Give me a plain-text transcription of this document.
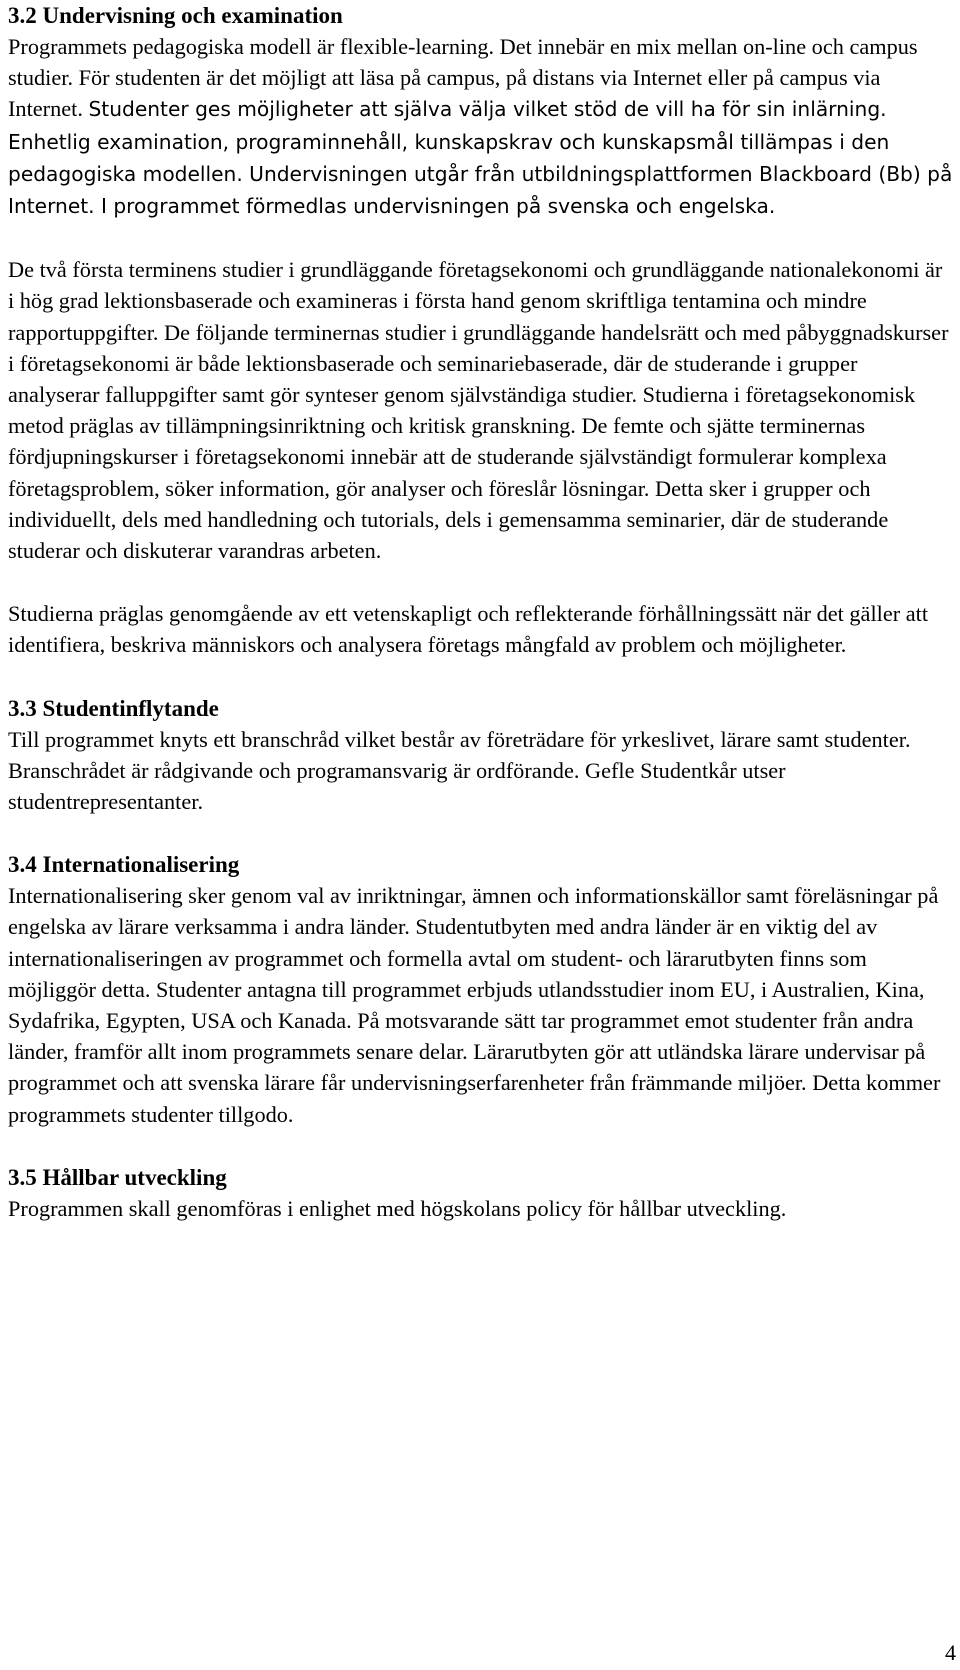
3.2 Undervisning och examination

Programmets pedagogiska modell är flexible-learning. Det innebär en mix mellan on-line och campus studier. För studenten är det möjligt att läsa på campus, på distans via Internet eller på campus via Internet. Studenter ges möjligheter att själva välja vilket stöd de vill ha för sin inlärning. Enhetlig examination, programinnehåll, kunskapskrav och kunskapsmål tillämpas i den pedagogiska modellen. Undervisningen utgår från utbildningsplattformen Blackboard (Bb) på Internet. I programmet förmedlas undervisningen på svenska och engelska.

De två första terminens studier i grundläggande företagsekonomi och grundläggande nationalekonomi är i hög grad lektionsbaserade och examineras i första hand genom skriftliga tentamina och mindre rapportuppgifter. De följande terminernas studier i grundläggande handelsrätt och med påbyggnadskurser i företagsekonomi är både lektionsbaserade och seminariebaserade, där de studerande i grupper analyserar falluppgifter samt gör synteser genom självständiga studier. Studierna i företagsekonomisk metod präglas av tillämpningsinriktning och kritisk granskning. De femte och sjätte terminernas fördjupningskurser i företagsekonomi innebär att de studerande självständigt formulerar komplexa företagsproblem, söker information, gör analyser och föreslår lösningar. Detta sker i grupper och individuellt, dels med handledning och tutorials, dels i gemensamma seminarier, där de studerande studerar och diskuterar varandras arbeten.

Studierna präglas genomgående av ett vetenskapligt och reflekterande förhållningssätt när det gäller att identifiera, beskriva människors och analysera företags mångfald av problem och möjligheter.

3.3 Studentinflytande

Till programmet knyts ett branschråd vilket består av företrädare för yrkeslivet, lärare samt studenter. Branschrådet är rådgivande och programansvarig är ordförande. Gefle Studentkår utser studentrepresentanter.

3.4 Internationalisering

Internationalisering sker genom val av inriktningar, ämnen och informationskällor samt föreläsningar på engelska av lärare verksamma i andra länder. Studentutbyten med andra länder är en viktig del av internationaliseringen av programmet och formella avtal om student- och lärarutbyten finns som möjliggör detta. Studenter antagna till programmet erbjuds utlandsstudier inom EU, i Australien, Kina, Sydafrika, Egypten, USA och Kanada. På motsvarande sätt tar programmet emot studenter från andra länder, framför allt inom programmets senare delar. Lärarutbyten gör att utländska lärare undervisar på programmet och att svenska lärare får undervisningserfarenheter från främmande miljöer. Detta kommer programmets studenter tillgodo.

3.5 Hållbar utveckling

Programmen skall genomföras i enlighet med högskolans policy för hållbar utveckling.

4
